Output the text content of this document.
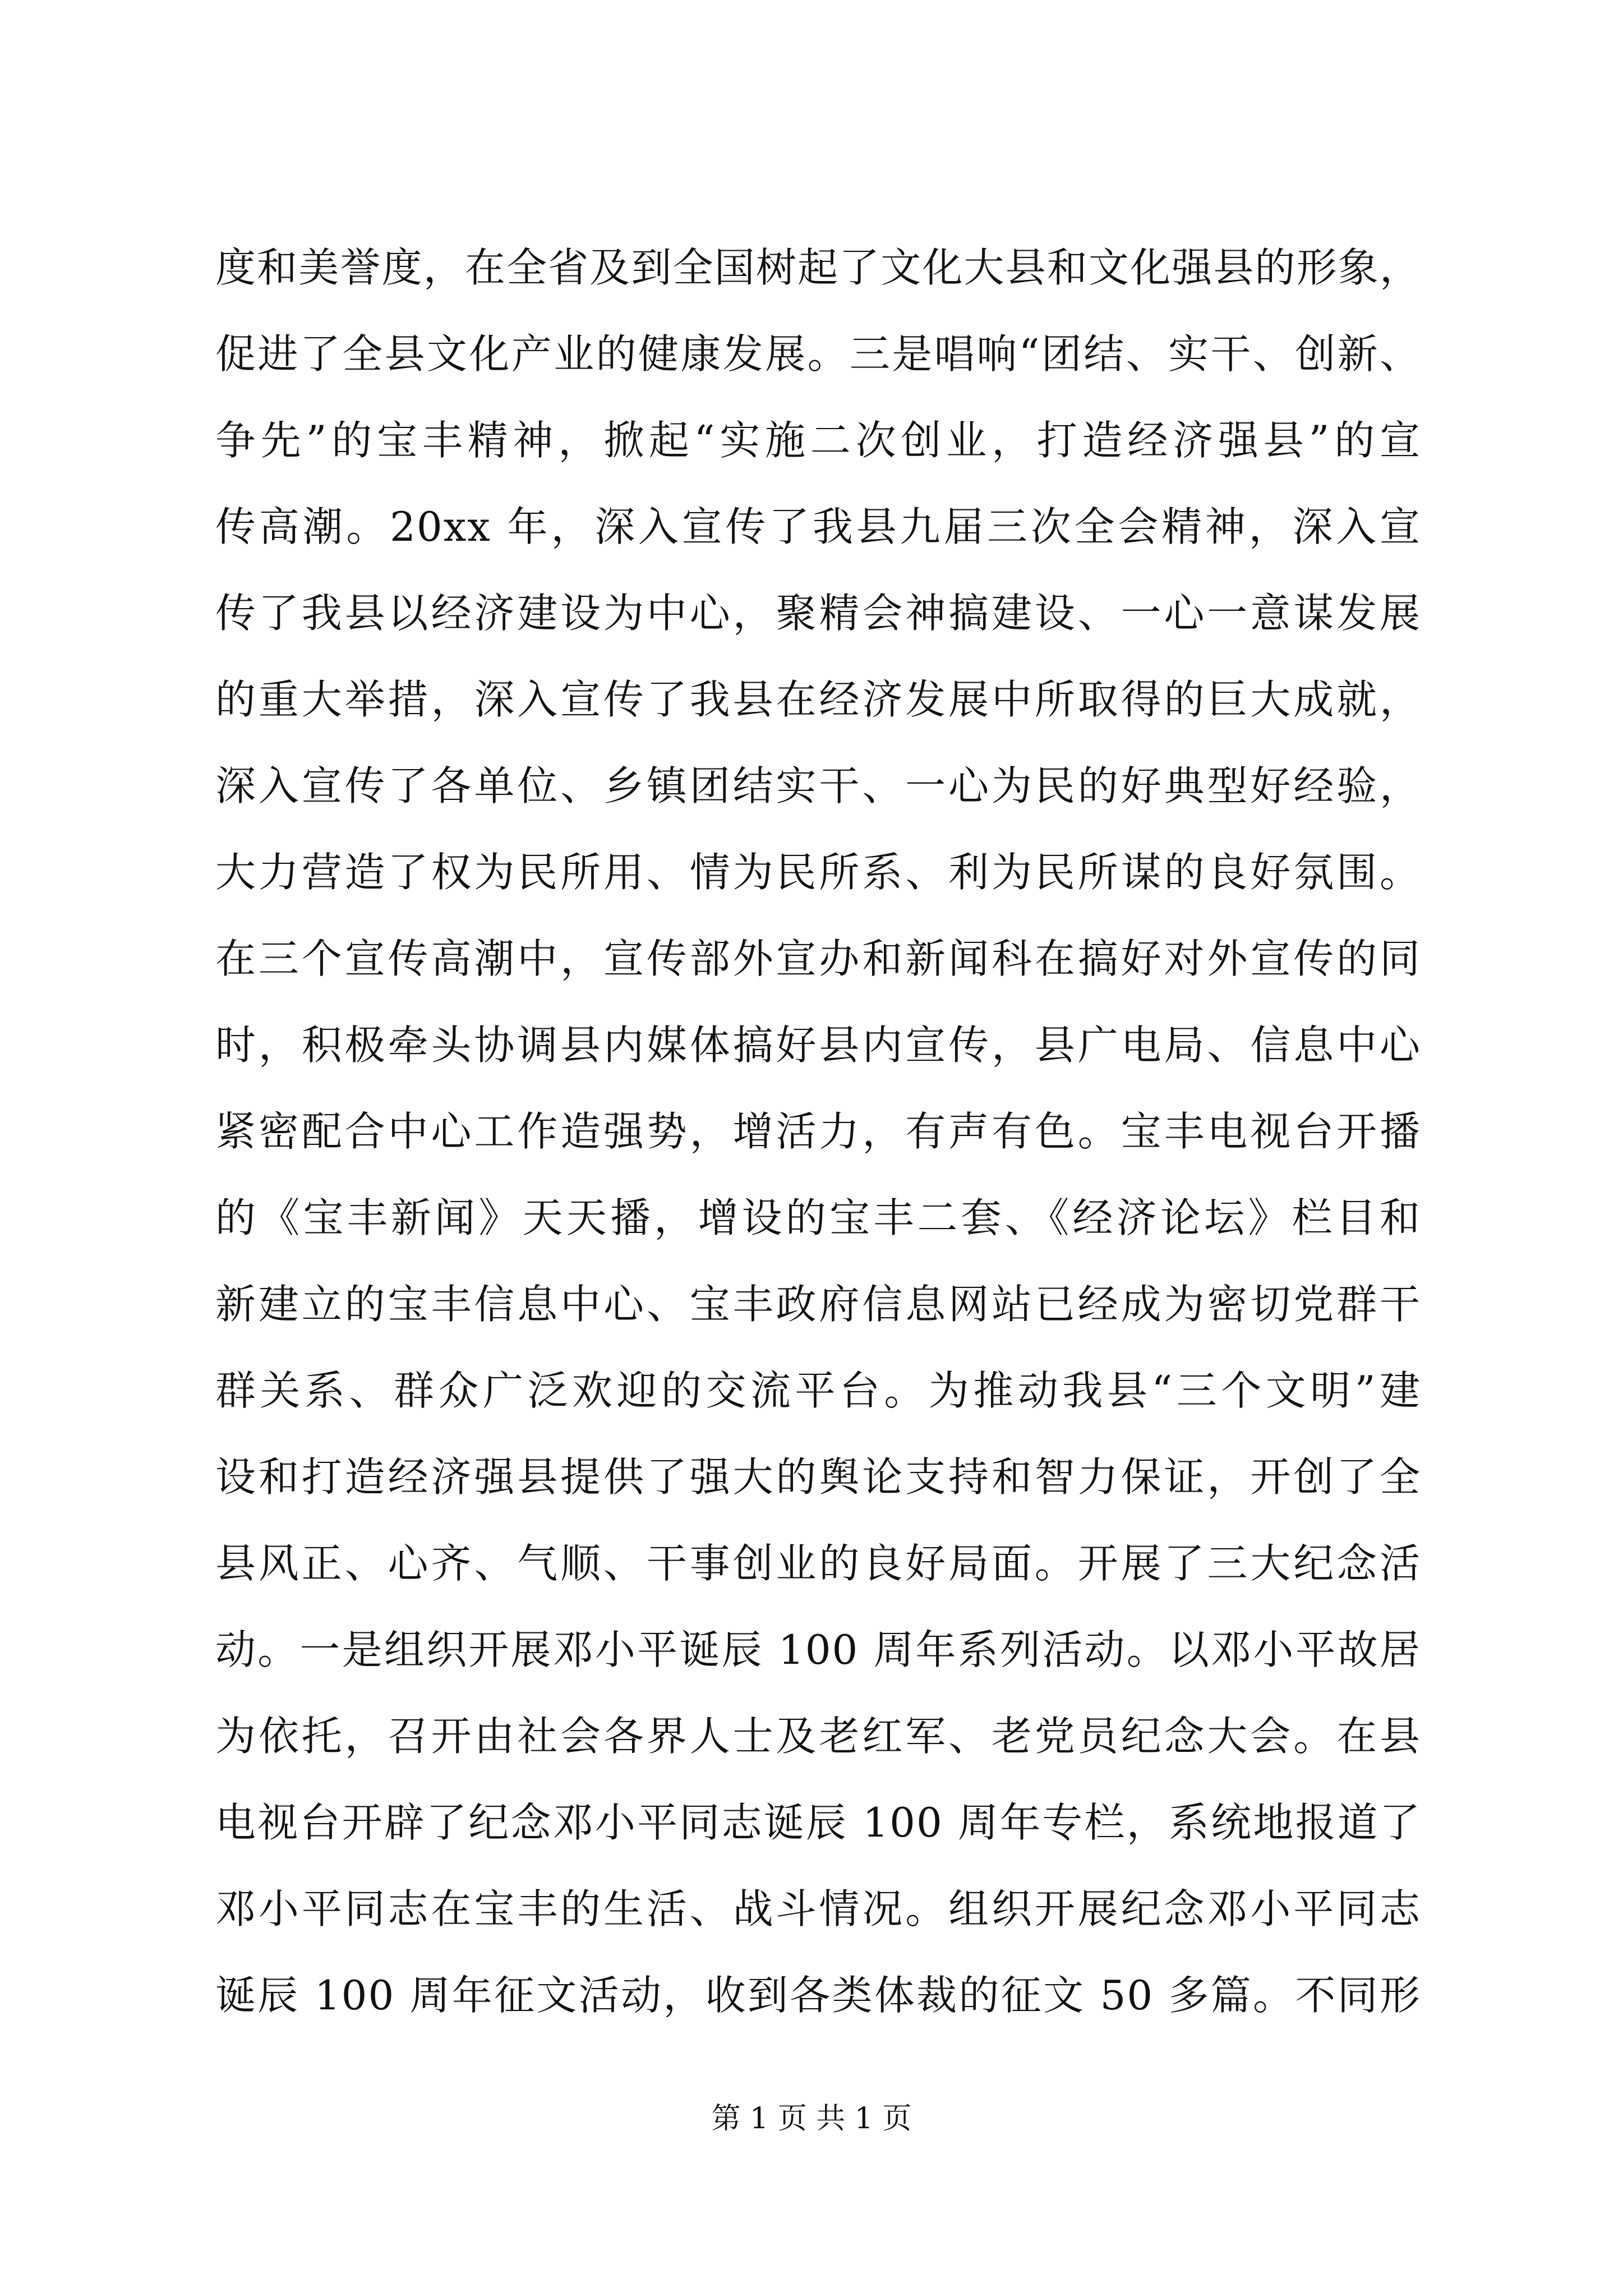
度和美誉度，在全省及到全国树起了文化大县和文化强县的形象，
促进了全县文化产业的健康发展。三是唱响“团结、实干、创新、
争先”的宝丰精神，掀起“实施二次创业，打造经济强县”的宣
传高潮。20xx 年，深入宣传了我县九届三次全会精神，深入宣
传了我县以经济建设为中心，聚精会神搞建设、一心一意谋发展
的重大举措，深入宣传了我县在经济发展中所取得的巨大成就，
深入宣传了各单位、乡镇团结实干、一心为民的好典型好经验，
大力营造了权为民所用、情为民所系、利为民所谋的良好氛围。
在三个宣传高潮中，宣传部外宣办和新闻科在搞好对外宣传的同
时，积极牵头协调县内媒体搞好县内宣传，县广电局、信息中心
紧密配合中心工作造强势，增活力，有声有色。宝丰电视台开播
的《宝丰新闻》天天播，增设的宝丰二套、《经济论坛》栏目和
新建立的宝丰信息中心、宝丰政府信息网站已经成为密切党群干
群关系、群众广泛欢迎的交流平台。为推动我县“三个文明”建
设和打造经济强县提供了强大的舆论支持和智力保证，开创了全
县风正、心齐、气顺、干事创业的良好局面。开展了三大纪念活
动。一是组织开展邓小平诞辰 100 周年系列活动。以邓小平故居
为依托，召开由社会各界人士及老红军、老党员纪念大会。在县
电视台开辟了纪念邓小平同志诞辰 100 周年专栏，系统地报道了
邓小平同志在宝丰的生活、战斗情况。组织开展纪念邓小平同志
诞辰 100 周年征文活动，收到各类体裁的征文 50 多篇。不同形
第 1 页 共 1 页
